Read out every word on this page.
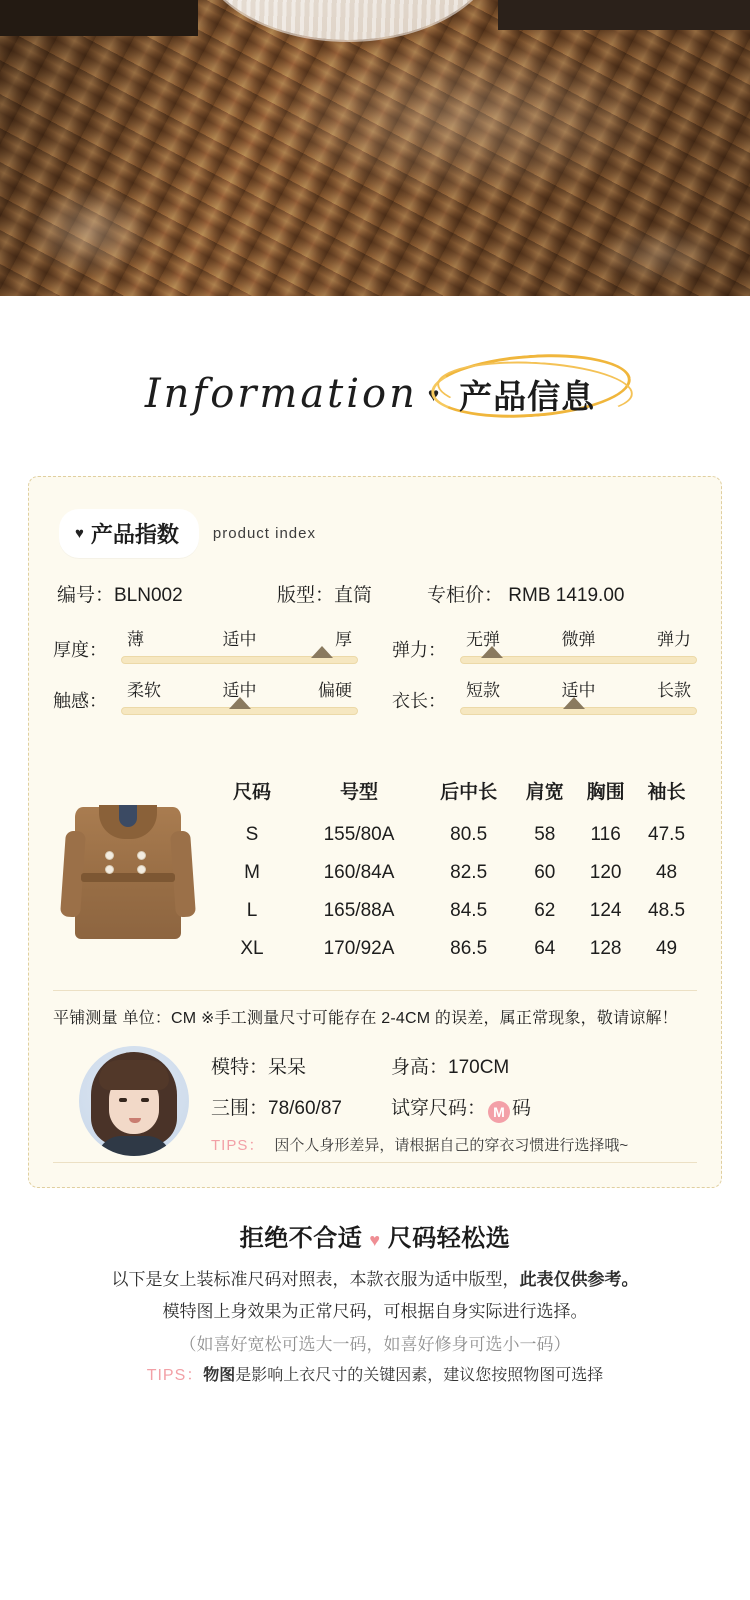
Information ♥ 产品信息
♥ 产品指数 product index
编号：BLN002	版型：直筒	专柜价： RMB 1419.00
厚度：
薄	适中	厚
弹力：
无弹	微弹	弹力
触感：
柔软	适中	偏硬
衣长：
短款	适中	长款
尺码	号型	后中长	肩宽	胸围	袖长
S	155/80A	80.5	58	116	47.5
M	160/84A	82.5	60	120	48
L	165/88A	84.5	62	124	48.5
XL	170/92A	86.5	64	128	49
平铺测量 单位：CM ※手工测量尺寸可能存在 2-4CM 的误差，属正常现象，敬请谅解！
模特：呆呆	身高：170CM
三围：78/60/87	试穿尺码： M 码
TIPS： 因个人身形差异，请根据自己的穿衣习惯进行选择哦~
拒绝不合适 ♥ 尺码轻松选

以下是女上装标准尺码对照表，本款衣服为适中版型，此表仅供参考。

模特图上身效果为正常尺码，可根据自身实际进行选择。

（如喜好宽松可选大一码，如喜好修身可选小一码）

TIPS：物图是影响上衣尺寸的关键因素，建议您按照物图可选择
